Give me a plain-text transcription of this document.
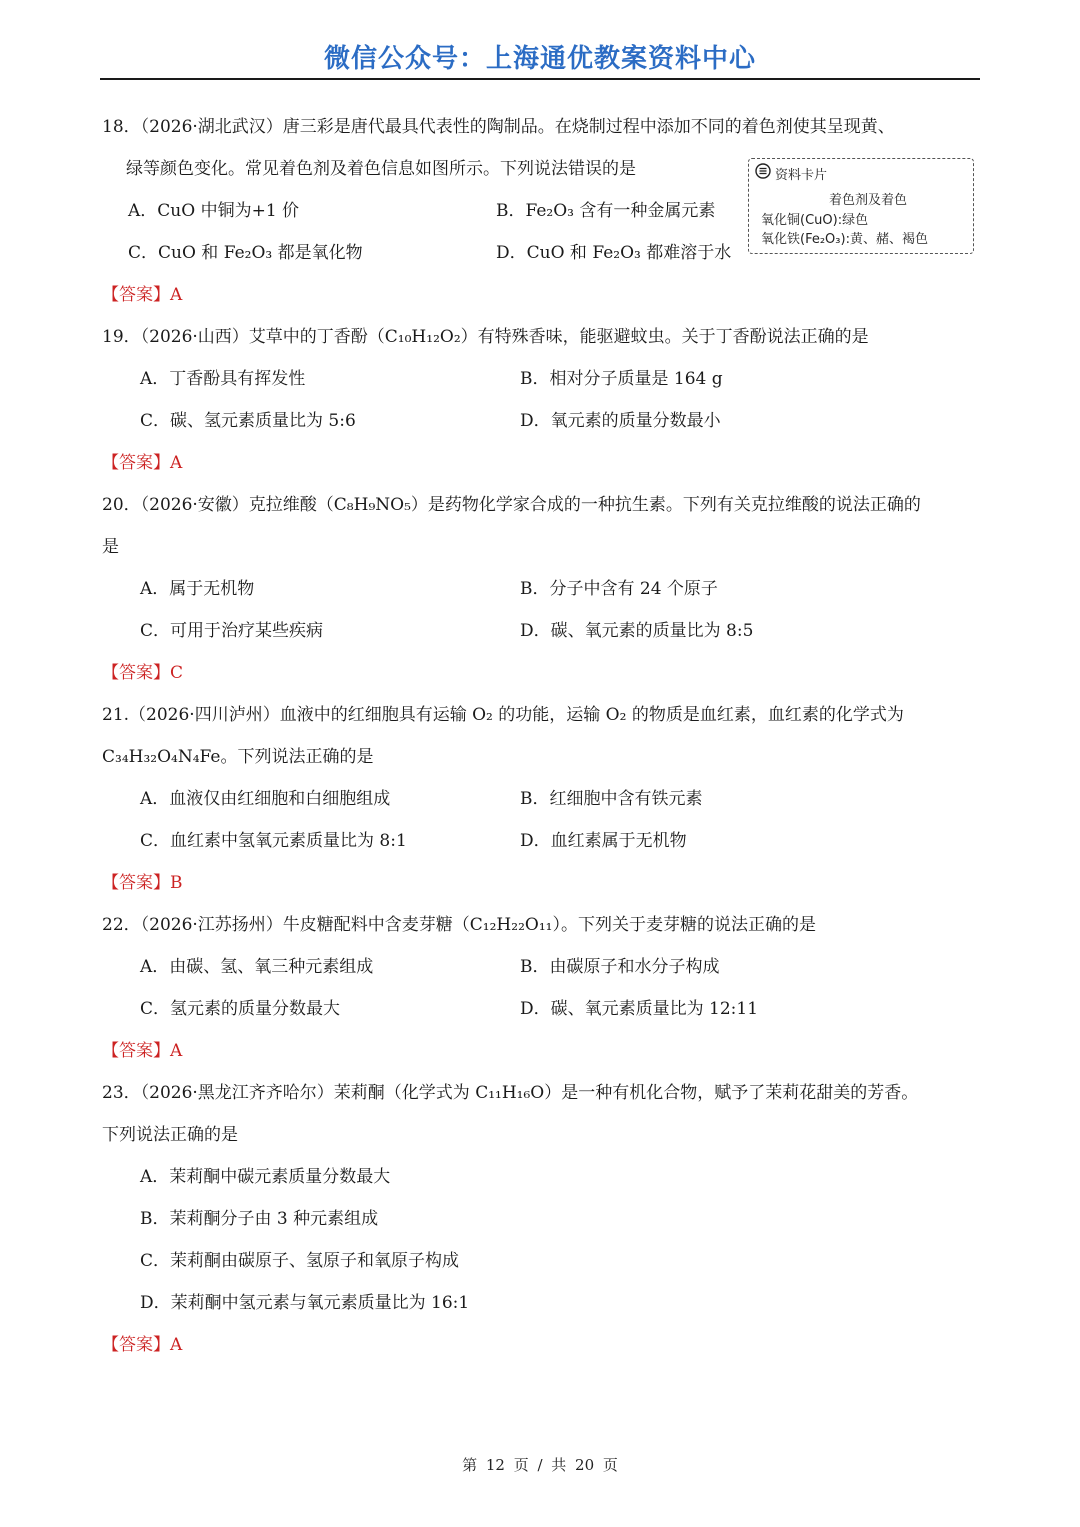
微信公众号：上海通优教案资料中心
18．（2026·湖北武汉）唐三彩是唐代最具代表性的陶制品。在烧制过程中添加不同的着色剂使其呈现黄、
绿等颜色变化。常见着色剂及着色信息如图所示。下列说法错误的是
A．CuO 中铜为+1 价	B．Fe₂O₃ 含有一种金属元素
C．CuO 和 Fe₂O₃ 都是氧化物	D．CuO 和 Fe₂O₃ 都难溶于水
【答案】A
19．（2026·山西）艾草中的丁香酚（C₁₀H₁₂O₂）有特殊香味，能驱避蚊虫。关于丁香酚说法正确的是
A．丁香酚具有挥发性	B．相对分子质量是 164 g
C．碳、氢元素质量比为 5:6	D．氧元素的质量分数最小
【答案】A
20．（2026·安徽）克拉维酸（C₈H₉NO₅）是药物化学家合成的一种抗生素。下列有关克拉维酸的说法正确的
是
A．属于无机物	B．分子中含有 24 个原子
C．可用于治疗某些疾病	D．碳、氧元素的质量比为 8:5
【答案】C
21.（2026·四川泸州）血液中的红细胞具有运输 O₂ 的功能，运输 O₂ 的物质是血红素，血红素的化学式为
C₃₄H₃₂O₄N₄Fe。下列说法正确的是
A．血液仅由红细胞和白细胞组成	B．红细胞中含有铁元素
C．血红素中氢氧元素质量比为 8:1	D．血红素属于无机物
【答案】B
22．（2026·江苏扬州）牛皮糖配料中含麦芽糖（C₁₂H₂₂O₁₁）。下列关于麦芽糖的说法正确的是
A．由碳、氢、氧三种元素组成	B．由碳原子和水分子构成
C．氢元素的质量分数最大	D．碳、氧元素质量比为 12:11
【答案】A
23．（2026·黑龙江齐齐哈尔）茉莉酮（化学式为 C₁₁H₁₆O）是一种有机化合物，赋予了茉莉花甜美的芳香。
下列说法正确的是
A．茉莉酮中碳元素质量分数最大
B．茉莉酮分子由 3 种元素组成
C．茉莉酮由碳原子、氢原子和氧原子构成
D．茉莉酮中氢元素与氧元素质量比为 16:1
【答案】A
资料卡片
着色剂及着色
氧化铜(CuO):绿色
氧化铁(Fe₂O₃):黄、赭、褐色
第 12 页 / 共 20 页
